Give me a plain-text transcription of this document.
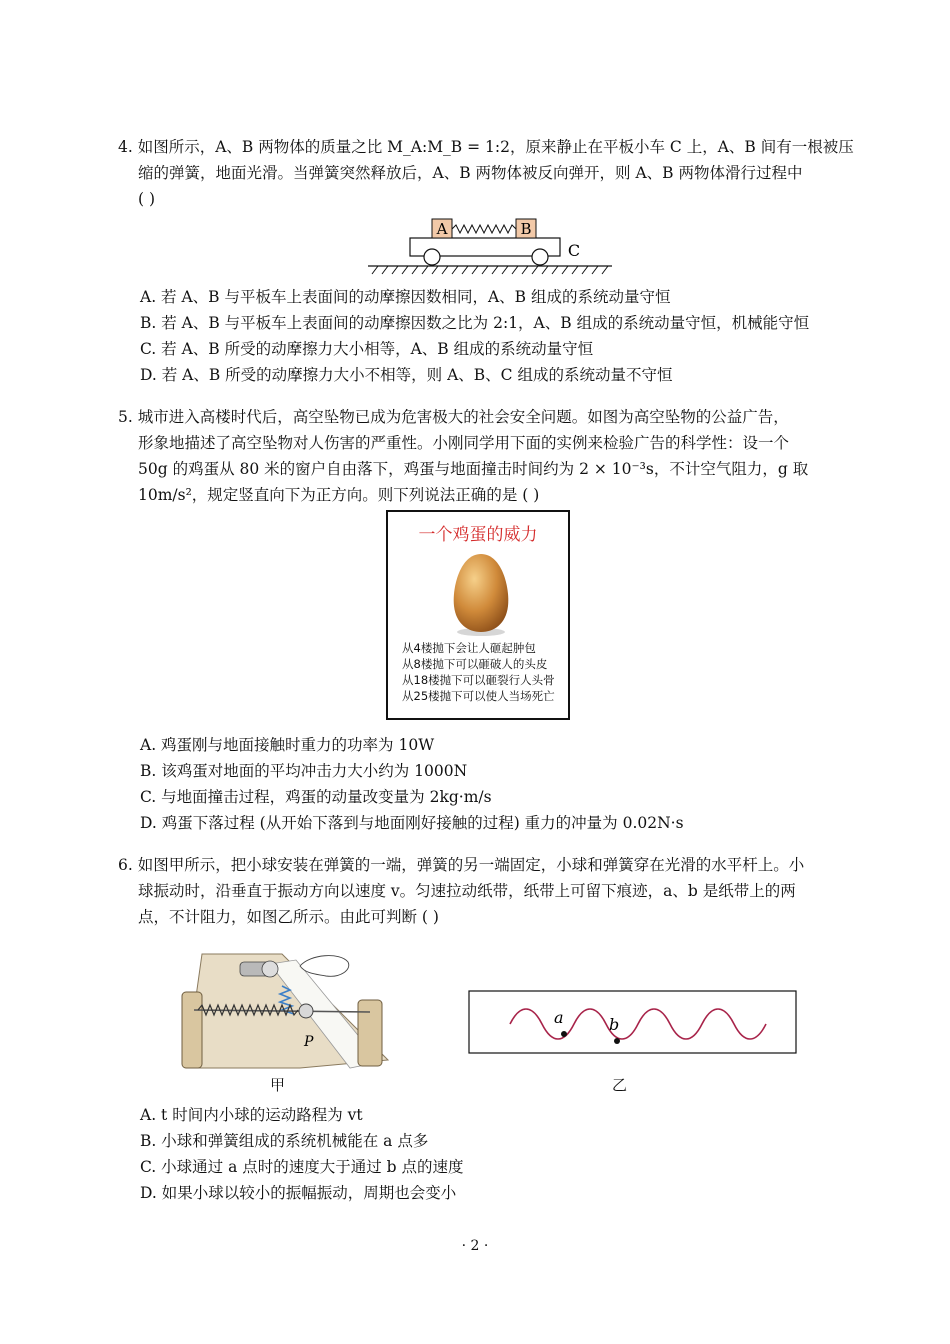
4. 如图所示，A、B 两物体的质量之比 M_A:M_B = 1:2，原来静止在平板小车 C 上，A、B 间有一根被压
缩的弹簧，地面光滑。当弹簧突然释放后，A、B 两物体被反向弹开，则 A、B 两物体滑行过程中
( )
A	B
C
A. 若 A、B 与平板车上表面间的动摩擦因数相同，A、B 组成的系统动量守恒
B. 若 A、B 与平板车上表面间的动摩擦因数之比为 2:1，A、B 组成的系统动量守恒，机械能守恒
C. 若 A、B 所受的动摩擦力大小相等，A、B 组成的系统动量守恒
D. 若 A、B 所受的动摩擦力大小不相等，则 A、B、C 组成的系统动量不守恒
5. 城市进入高楼时代后，高空坠物已成为危害极大的社会安全问题。如图为高空坠物的公益广告，
形象地描述了高空坠物对人伤害的严重性。小刚同学用下面的实例来检验广告的科学性：设一个
50g 的鸡蛋从 80 米的窗户自由落下，鸡蛋与地面撞击时间约为 2 × 10⁻³s，不计空气阻力，g 取
10m/s²，规定竖直向下为正方向。则下列说法正确的是 ( )
一个鸡蛋的威力
从4楼抛下会让人砸起肿包
从8楼抛下可以砸破人的头皮
从18楼抛下可以砸裂行人头骨
从25楼抛下可以使人当场死亡
A. 鸡蛋刚与地面接触时重力的功率为 10W
B. 该鸡蛋对地面的平均冲击力大小约为 1000N
C. 与地面撞击过程，鸡蛋的动量改变量为 2kg·m/s
D. 鸡蛋下落过程 (从开始下落到与地面刚好接触的过程) 重力的冲量为 0.02N·s
6. 如图甲所示，把小球安装在弹簧的一端，弹簧的另一端固定，小球和弹簧穿在光滑的水平杆上。小
球振动时，沿垂直于振动方向以速度 v。匀速拉动纸带，纸带上可留下痕迹，a、b 是纸带上的两
点，不计阻力，如图乙所示。由此可判断 ( )
P
甲
a	b
乙
A. t 时间内小球的运动路程为 vt
B. 小球和弹簧组成的系统机械能在 a 点多
C. 小球通过 a 点时的速度大于通过 b 点的速度
D. 如果小球以较小的振幅振动，周期也会变小
· 2 ·
